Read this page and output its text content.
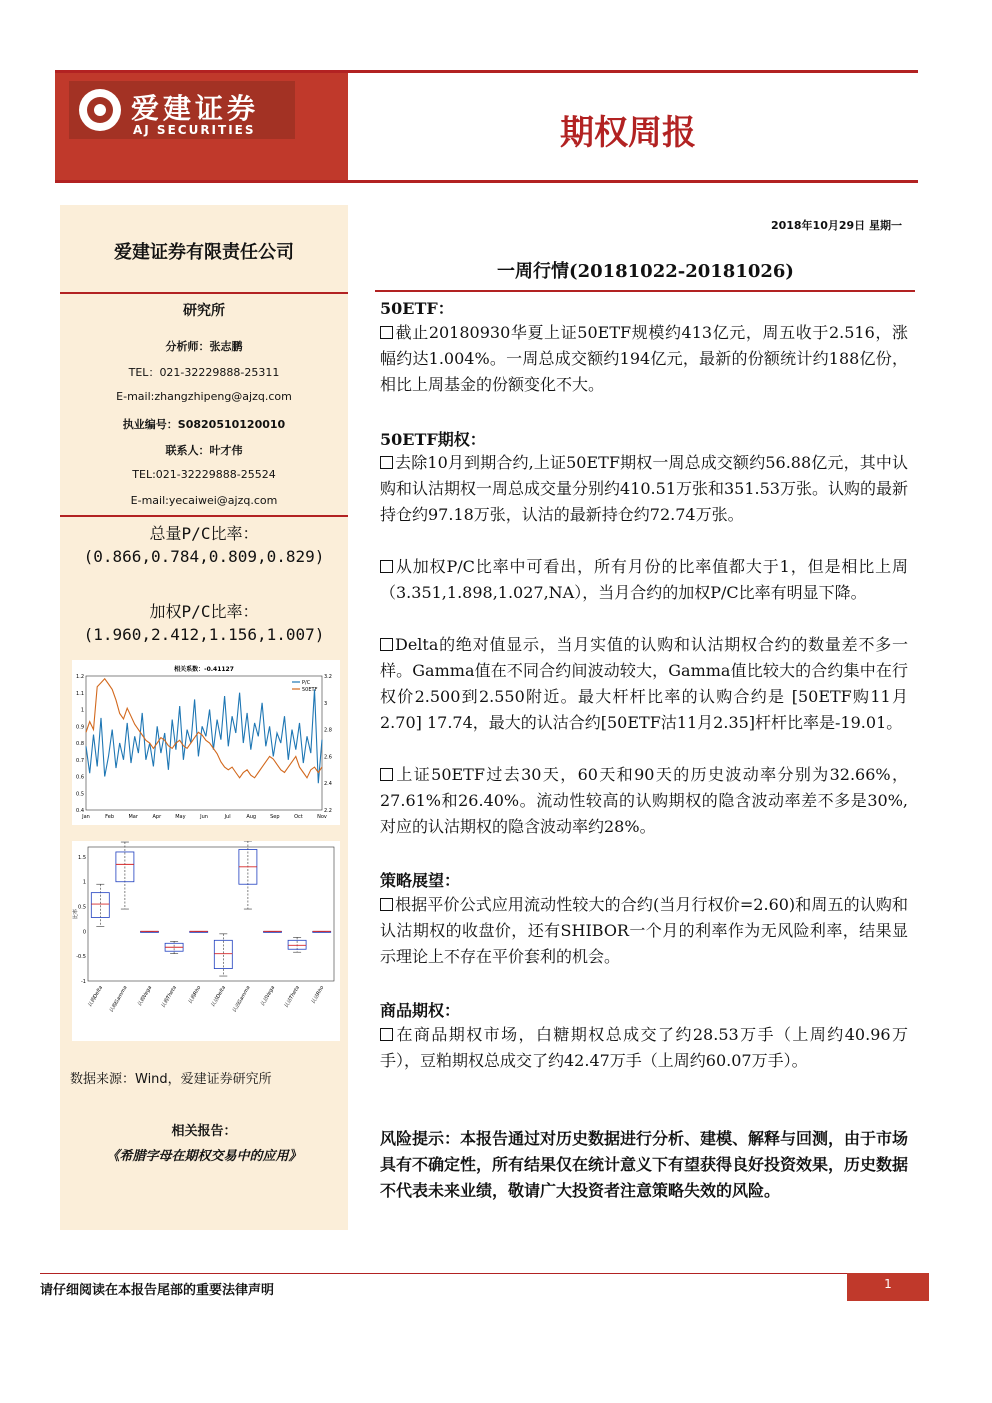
爱建证券
AJ SECURITIES	期权周报
爱建证券有限责任公司
研究所
分析师：张志鹏
TEL：021-32229888-25311
E-mail:zhangzhipeng@ajzq.com
执业编号：S0820510120010
联系人：叶才伟
TEL:021-32229888-25524
E-mail:yecaiwei@ajzq.com
总量P/C比率：
(0.866,0.784,0.809,0.829)
加权P/C比率：
(1.960,2.412,1.156,1.007)
相关系数：-0.41127
0.4
0.5
0.6
0.7
0.8
0.9
1
1.1
1.2
2.2
2.4
2.6
2.8
3
3.2
Jan	Feb	Mar	Apr	May	Jun	Jul	Aug	Sep	Oct	Nov
P/C
50ETF
-1
-0.5
0
0.5
1
1.5
比率
认购Delta 认购Gamma 认购Vega 认购Theta 认购Rho 认沽Delta 认沽Gamma 认沽Vega 认沽Theta 认沽Rho
数据来源：Wind，爱建证券研究所
相关报告：
《希腊字母在期权交易中的应用》
2018年10月29日 星期一
一周行情(20181022-20181026)
50ETF：
截止20180930华夏上证50ETF规模约413亿元，周五收于2.516，涨幅约达1.004%。一周总成交额约194亿元，最新的份额统计约188亿份，相比上周基金的份额变化不大。
50ETF期权：
去除10月到期合约,上证50ETF期权一周总成交额约56.88亿元，其中认购和认沽期权一周总成交量分别约410.51万张和351.53万张。认购的最新持仓约97.18万张，认沽的最新持仓约72.74万张。
从加权P/C比率中可看出，所有月份的比率值都大于1，但是相比上周（3.351,1.898,1.027,NA），当月合约的加权P/C比率有明显下降。
Delta的绝对值显示，当月实值的认购和认沽期权合约的数量差不多一样。Gamma值在不同合约间波动较大，Gamma值比较大的合约集中在行权价2.500到2.550附近。最大杆杆比率的认购合约是 [50ETF购11月2.70] 17.74，最大的认沽合约[50ETF沽11月2.35]杆杆比率是-19.01。
上证50ETF过去30天，60天和90天的历史波动率分别为32.66%，27.61%和26.40%。流动性较高的认购期权的隐含波动率差不多是30%,对应的认沽期权的隐含波动率约28%。
策略展望：
根据平价公式应用流动性较大的合约(当月行权价=2.60)和周五的认购和认沽期权的收盘价，还有SHIBOR一个月的利率作为无风险利率，结果显示理论上不存在平价套利的机会。
商品期权：
在商品期权市场，白糖期权总成交了约28.53万手（上周约40.96万手），豆粕期权总成交了约42.47万手（上周约60.07万手）。
风险提示：本报告通过对历史数据进行分析、建模、解释与回测，由于市场具有不确定性，所有结果仅在统计意义下有望获得良好投资效果，历史数据不代表未来业绩，敬请广大投资者注意策略失效的风险。
请仔细阅读在本报告尾部的重要法律声明	1
